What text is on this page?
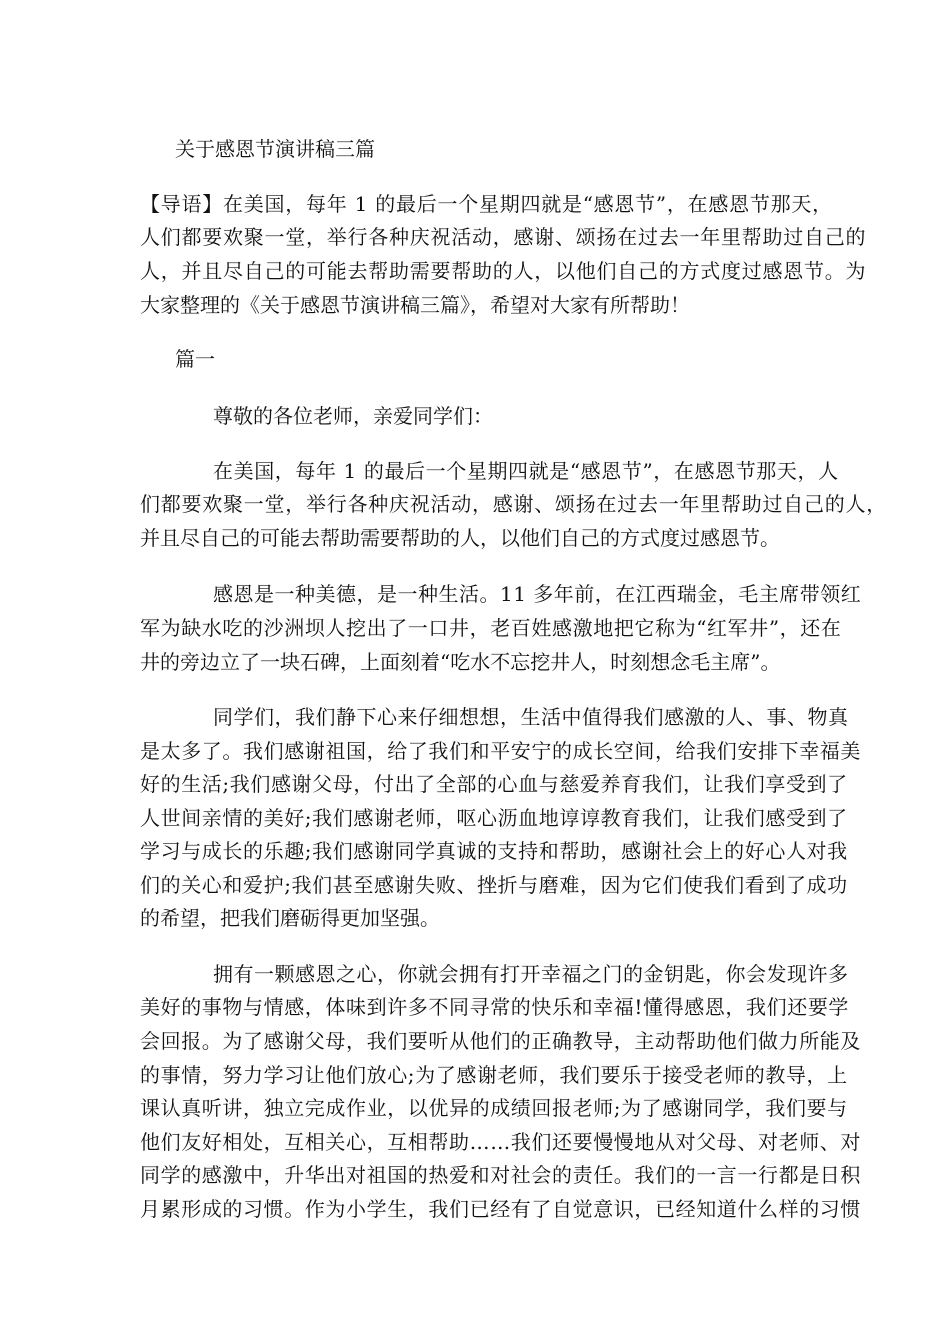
关于感恩节演讲稿三篇
【导语】在美国，每年 1 的最后一个星期四就是“感恩节”，在感恩节那天，
人们都要欢聚一堂，举行各种庆祝活动，感谢、颂扬在过去一年里帮助过自己的
人，并且尽自己的可能去帮助需要帮助的人，以他们自己的方式度过感恩节。为
大家整理的《关于感恩节演讲稿三篇》，希望对大家有所帮助！
篇一
尊敬的各位老师，亲爱同学们：
在美国，每年 1 的最后一个星期四就是“感恩节”，在感恩节那天，人
们都要欢聚一堂，举行各种庆祝活动，感谢、颂扬在过去一年里帮助过自己的人，
并且尽自己的可能去帮助需要帮助的人，以他们自己的方式度过感恩节。
感恩是一种美德，是一种生活。11 多年前，在江西瑞金，毛主席带领红
军为缺水吃的沙洲坝人挖出了一口井，老百姓感激地把它称为“红军井”，还在
井的旁边立了一块石碑，上面刻着“吃水不忘挖井人，时刻想念毛主席”。
同学们，我们静下心来仔细想想，生活中值得我们感激的人、事、物真
是太多了。我们感谢祖国，给了我们和平安宁的成长空间，给我们安排下幸福美
好的生活;我们感谢父母，付出了全部的心血与慈爱养育我们，让我们享受到了
人世间亲情的美好;我们感谢老师，呕心沥血地谆谆教育我们，让我们感受到了
学习与成长的乐趣;我们感谢同学真诚的支持和帮助，感谢社会上的好心人对我
们的关心和爱护;我们甚至感谢失败、挫折与磨难，因为它们使我们看到了成功
的希望，把我们磨砺得更加坚强。
拥有一颗感恩之心，你就会拥有打开幸福之门的金钥匙，你会发现许多
美好的事物与情感，体味到许多不同寻常的快乐和幸福!懂得感恩，我们还要学
会回报。为了感谢父母，我们要听从他们的正确教导，主动帮助他们做力所能及
的事情，努力学习让他们放心;为了感谢老师，我们要乐于接受老师的教导，上
课认真听讲，独立完成作业，以优异的成绩回报老师;为了感谢同学，我们要与
他们友好相处，互相关心，互相帮助……我们还要慢慢地从对父母、对老师、对
同学的感激中，升华出对祖国的热爱和对社会的责任。我们的一言一行都是日积
月累形成的习惯。作为小学生，我们已经有了自觉意识，已经知道什么样的习惯
